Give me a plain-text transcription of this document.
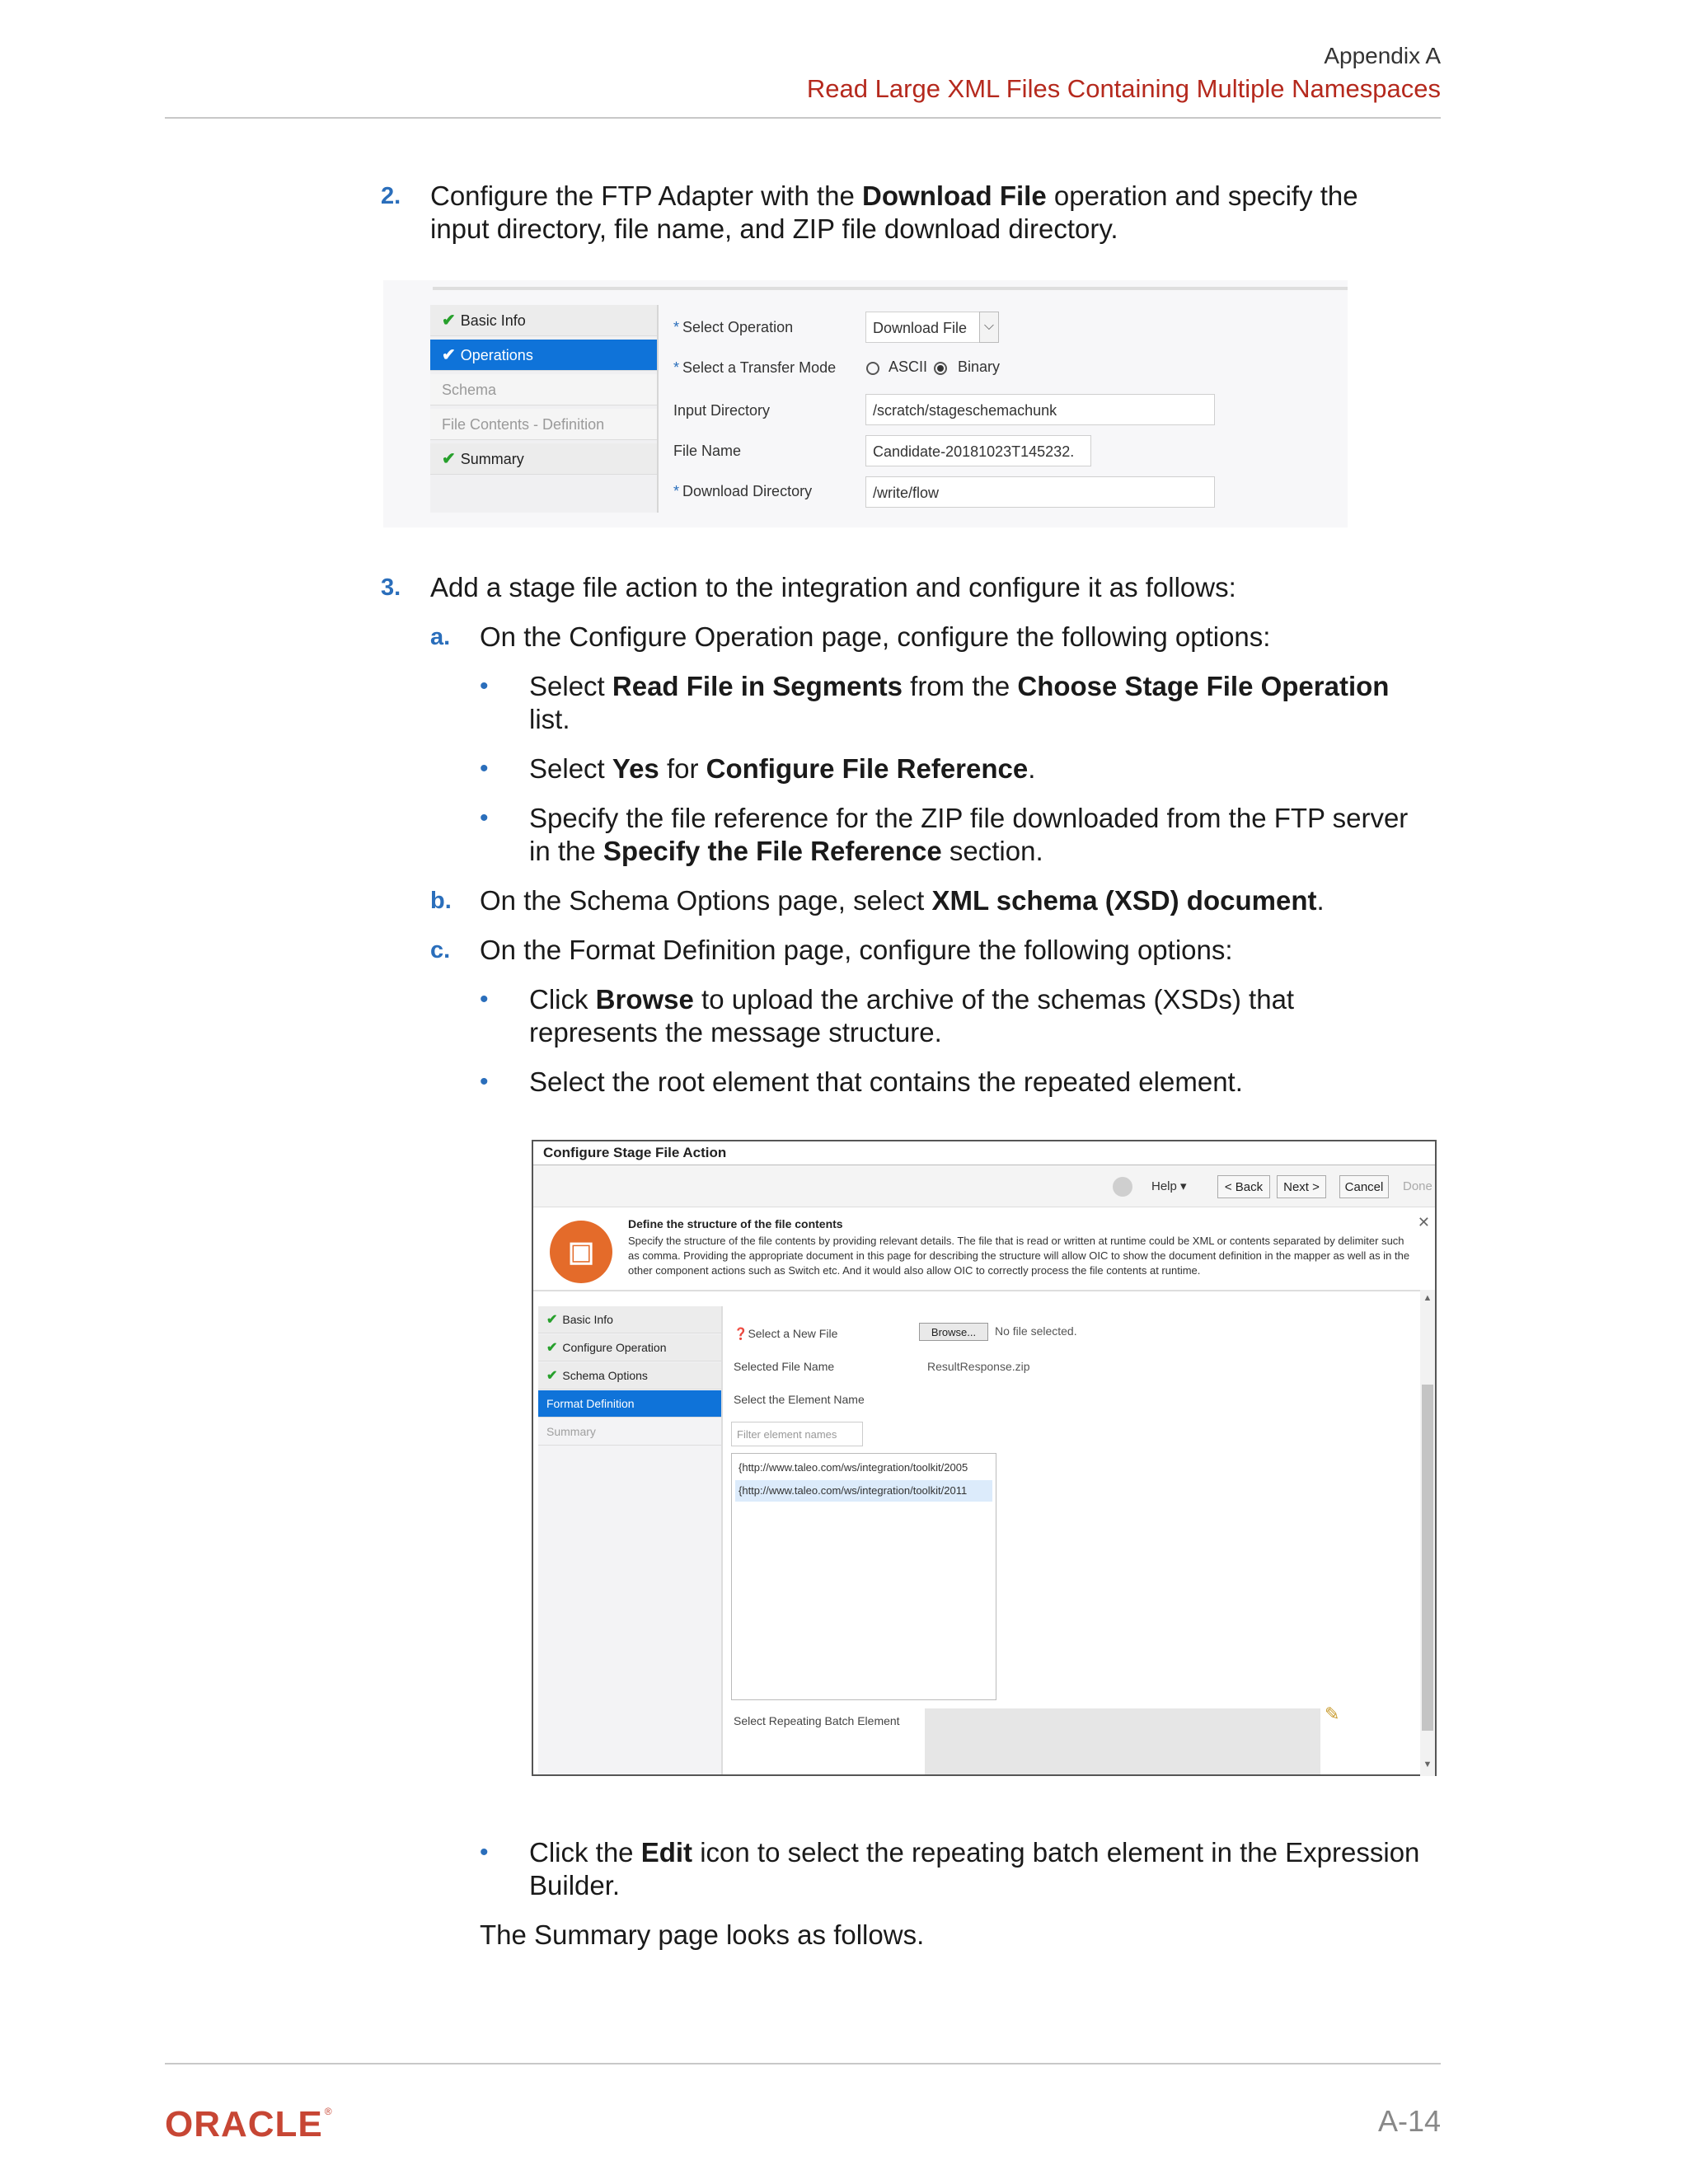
Appendix A
Read Large XML Files Containing Multiple Namespaces
2. Configure the FTP Adapter with the Download File operation and specify the
input directory, file name, and ZIP file download directory.
✔ Basic Info
✔ Operations
Schema
File Contents - Definition
✔ Summary
* Select Operation	Download File	⌵
* Select a Transfer Mode	ASCII Binary
Input Directory	/scratch/stageschemachunk
File Name	Candidate-20181023T145232.
* Download Directory	/write/flow
3. Add a stage file action to the integration and configure it as follows:
a. On the Configure Operation page, configure the following options:
• Select Read File in Segments from the Choose Stage File Operation
list.
• Select Yes for Configure File Reference.
• Specify the file reference for the ZIP file downloaded from the FTP server
in the Specify the File Reference section.
b. On the Schema Options page, select XML schema (XSD) document.
c. On the Format Definition page, configure the following options:
• Click Browse to upload the archive of the schemas (XSDs) that
represents the message structure.
• Select the root element that contains the repeated element.
Configure Stage File Action
Help ▾	< Back	Next >	Cancel	Done
▣
Define the structure of the file contents
Specify the structure of the file contents by providing relevant details. The file that is read or written at runtime could be XML or contents separated by delimiter such as comma. Providing the appropriate document in this page for describing the structure will allow OIC to show the document definition in the mapper as well as in the other component actions such as Switch etc. And it would also allow OIC to correctly process the file contents at runtime.
✕
✔ Basic Info
✔ Configure Operation
✔ Schema Options
Format Definition
Summary
❓Select a New File	Browse...	No file selected.
Selected File Name	ResultResponse.zip
Select the Element Name
Filter element names
{http://www.taleo.com/ws/integration/toolkit/2005
{http://www.taleo.com/ws/integration/toolkit/2011
Select Repeating Batch Element	✎
▲
▼
• Click the Edit icon to select the repeating batch element in the Expression
Builder.
The Summary page looks as follows.
ORACLE ®	A-14
